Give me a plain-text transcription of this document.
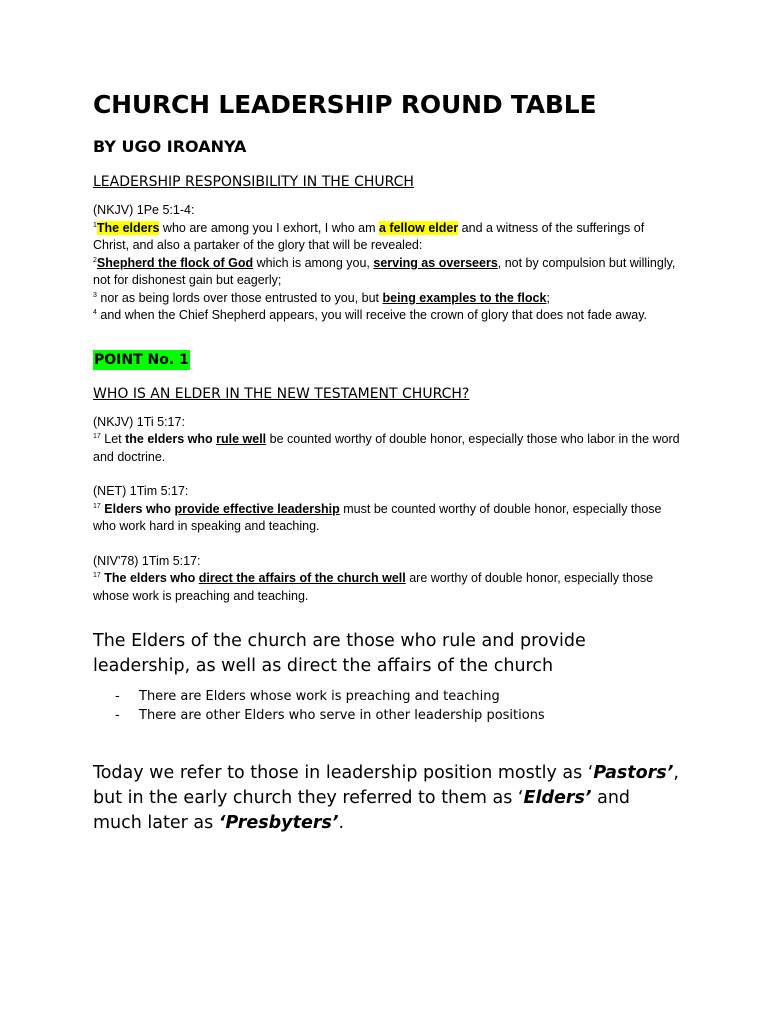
CHURCH LEADERSHIP ROUND TABLE
BY UGO IROANYA
LEADERSHIP RESPONSIBILITY IN THE CHURCH
(NKJV) 1Pe 5:1-4:
$^1$The elders who are among you I exhort, I who am a fellow elder and a witness of the sufferings of Christ, and also a partaker of the glory that will be revealed:
$^2$Shepherd the flock of God which is among you, serving as overseers, not by compulsion but willingly, not for dishonest gain but eagerly;
$^3$ nor as being lords over those entrusted to you, but being examples to the flock;
$^4$ and when the Chief Shepherd appears, you will receive the crown of glory that does not fade away.
POINT No. 1
WHO IS AN ELDER IN THE NEW TESTAMENT CHURCH?
(NKJV) 1Ti 5:17:
$^{17}$ Let the elders who rule well be counted worthy of double honor, especially those who labor in the word and doctrine.
(NET) 1Tim 5:17:
$^{17}$ Elders who provide effective leadership must be counted worthy of double honor, especially those who work hard in speaking and teaching.
(NIV'78) 1Tim 5:17:
$^{17}$ The elders who direct the affairs of the church well are worthy of double honor, especially those whose work is preaching and teaching.
The Elders of the church are those who rule and provide leadership, as well as direct the affairs of the church
- There are Elders whose work is preaching and teaching
- There are other Elders who serve in other leadership positions
Today we refer to those in leadership position mostly as ‘Pastors’, but in the early church they referred to them as ‘Elders’ and much later as ‘Presbyters’.
